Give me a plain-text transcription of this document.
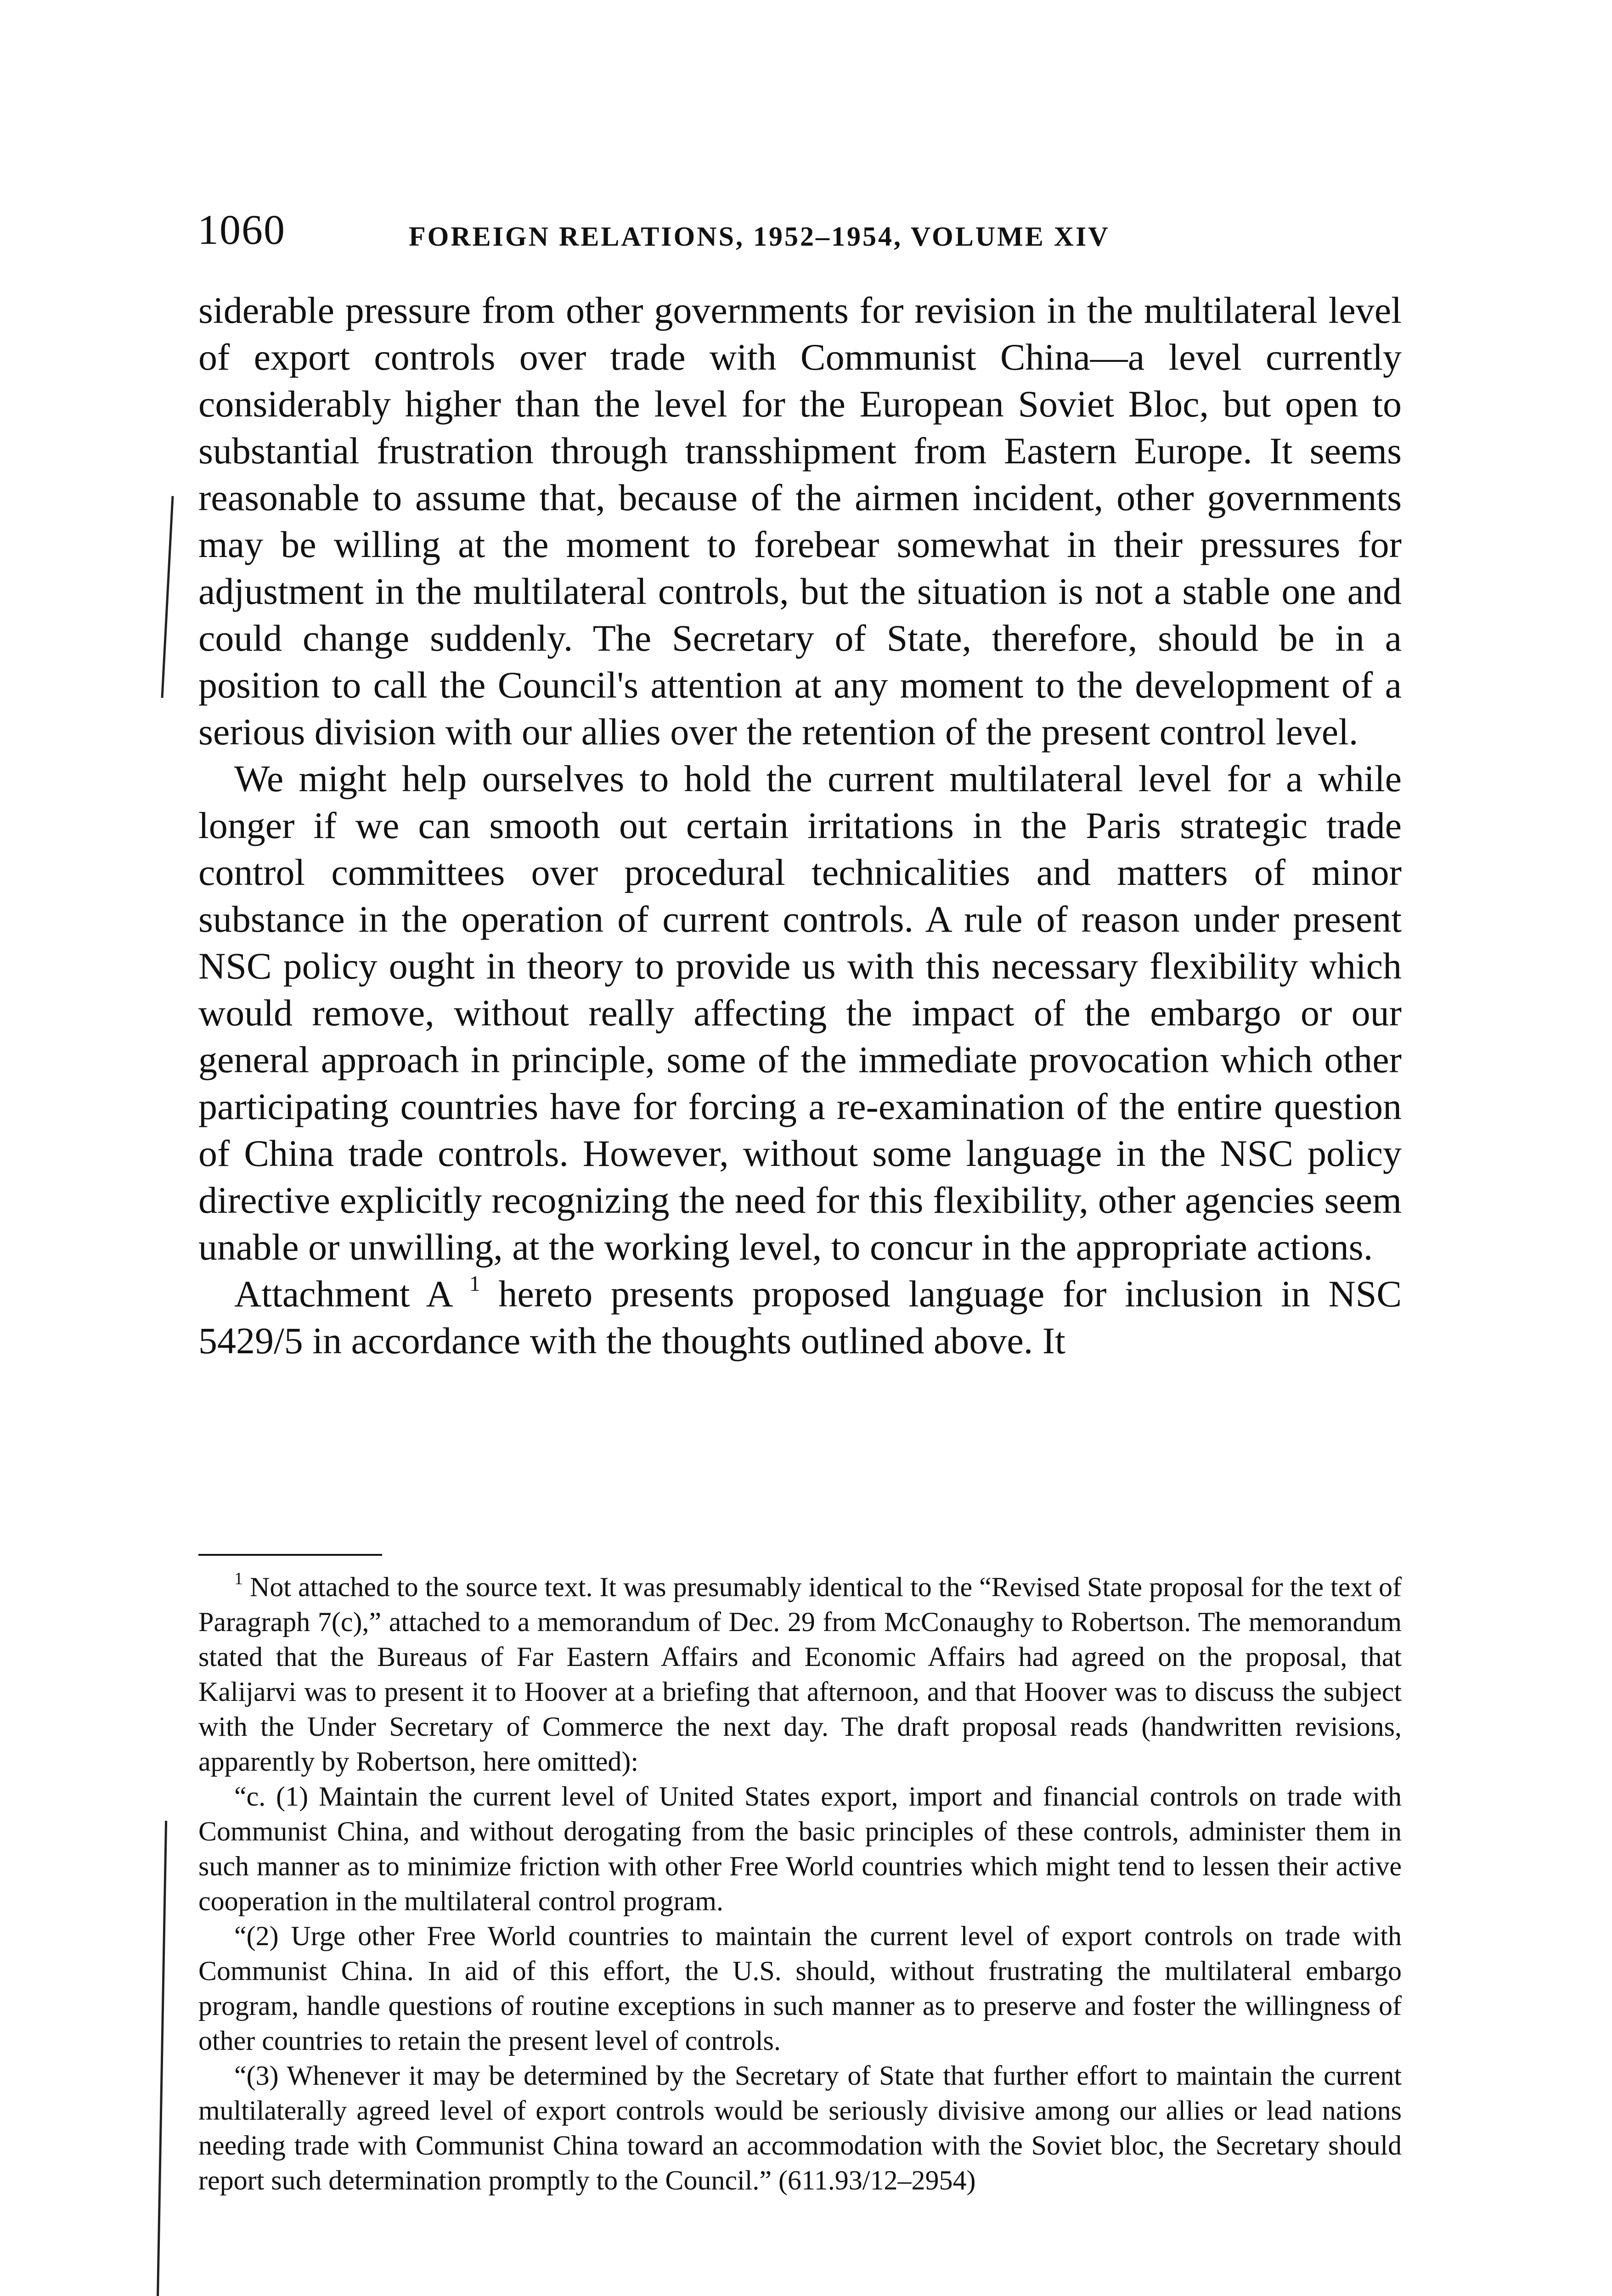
1060	FOREIGN RELATIONS, 1952–1954, VOLUME XIV

siderable pressure from other governments for revision in the multilateral level of export controls over trade with Communist China—a level currently considerably higher than the level for the European Soviet Bloc, but open to substantial frustration through transshipment from Eastern Europe. It seems reasonable to assume that, because of the airmen incident, other governments may be willing at the moment to forebear somewhat in their pressures for adjustment in the multilateral controls, but the situation is not a stable one and could change suddenly. The Secretary of State, therefore, should be in a position to call the Council's attention at any moment to the development of a serious division with our allies over the retention of the present control level.

We might help ourselves to hold the current multilateral level for a while longer if we can smooth out certain irritations in the Paris strategic trade control committees over procedural technicalities and matters of minor substance in the operation of current controls. A rule of reason under present NSC policy ought in theory to provide us with this necessary flexibility which would remove, without really affecting the impact of the embargo or our general approach in principle, some of the immediate provocation which other participating countries have for forcing a re-examination of the entire question of China trade controls. However, without some language in the NSC policy directive explicitly recognizing the need for this flexibility, other agencies seem unable or unwilling, at the working level, to concur in the appropriate actions.

Attachment A $^1$ hereto presents proposed language for inclusion in NSC 5429/5 in accordance with the thoughts outlined above. It

$^1$ Not attached to the source text. It was presumably identical to the “Revised State proposal for the text of Paragraph 7(c),” attached to a memorandum of Dec. 29 from McConaughy to Robertson. The memorandum stated that the Bureaus of Far Eastern Affairs and Economic Affairs had agreed on the proposal, that Kalijarvi was to present it to Hoover at a briefing that afternoon, and that Hoover was to discuss the subject with the Under Secretary of Commerce the next day. The draft proposal reads (handwritten revisions, apparently by Robertson, here omitted):

“c. (1) Maintain the current level of United States export, import and financial controls on trade with Communist China, and without derogating from the basic principles of these controls, administer them in such manner as to minimize friction with other Free World countries which might tend to lessen their active cooperation in the multilateral control program.

“(2) Urge other Free World countries to maintain the current level of export controls on trade with Communist China. In aid of this effort, the U.S. should, without frustrating the multilateral embargo program, handle questions of routine exceptions in such manner as to preserve and foster the willingness of other countries to retain the present level of controls.

“(3) Whenever it may be determined by the Secretary of State that further effort to maintain the current multilaterally agreed level of export controls would be seriously divisive among our allies or lead nations needing trade with Communist China toward an accommodation with the Soviet bloc, the Secretary should report such determination promptly to the Council.” (611.93/12–2954)
